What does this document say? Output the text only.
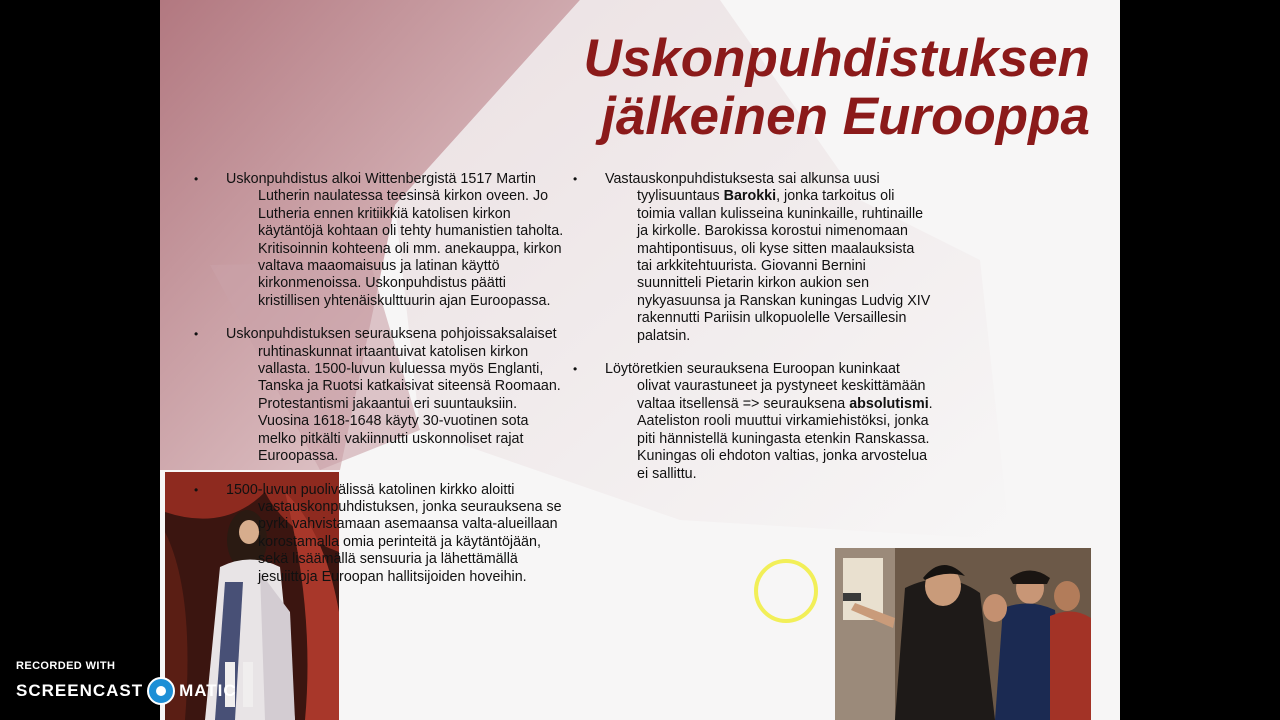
Uskonpuhdistuksen
jälkeinen Eurooppa
• Uskonpuhdistus alkoi Wittenbergistä 1517 Martin Lutherin naulatessa teesinsä kirkon oveen. Jo Lutheria ennen kritiikkiä katolisen kirkon käytäntöjä kohtaan oli tehty humanistien taholta. Kritisoinnin kohteena oli mm. anekauppa, kirkon valtava maaomaisuus ja latinan käyttö kirkonmenoissa. Uskonpuhdistus päätti kristillisen yhtenäiskulttuurin ajan Euroopassa.
• Uskonpuhdistuksen seurauksena pohjoissaksalaiset ruhtinaskunnat irtaantuivat katolisen kirkon vallasta. 1500-luvun kuluessa myös Englanti, Tanska ja Ruotsi katkaisivat siteensä Roomaan. Protestantismi jakaantui eri suuntauksiin. Vuosina 1618-1648 käyty 30-vuotinen sota melko pitkälti vakiinnutti uskonnoliset rajat Euroopassa.
• 1500-luvun puolivälissä katolinen kirkko aloitti vastauskonpuhdistuksen, jonka seurauksena se pyrki vahvistamaan asemaansa valta-alueillaan korostamalla omia perinteitä ja käytäntöjään, sekä lisäämällä sensuuria ja lähettämällä jesuiittoja Euroopan hallitsijoiden hoveihin.
• Vastauskonpuhdistuksesta sai alkunsa uusi tyylisuuntaus Barokki, jonka tarkoitus oli toimia vallan kulisseina kuninkaille, ruhtinaille ja kirkolle. Barokissa korostui nimenomaan mahtipontisuus, oli kyse sitten maalauksista tai arkkitehtuurista. Giovanni Bernini suunnitteli Pietarin kirkon aukion sen nykyasuunsa ja Ranskan kuningas Ludvig XIV rakennutti Pariisin ulkopuolelle Versaillesin palatsin.
• Löytöretkien seurauksena Euroopan kuninkaat olivat vaurastuneet ja pystyneet keskittämään valtaa itsellensä => seurauksena absolutismi. Aateliston rooli muuttui virkamiehistöksi, jonka piti hännistellä kuningasta etenkin Ranskassa. Kuningas oli ehdoton valtias, jonka arvostelua ei sallittu.
RECORDED WITH
SCREENCAST MATIC
